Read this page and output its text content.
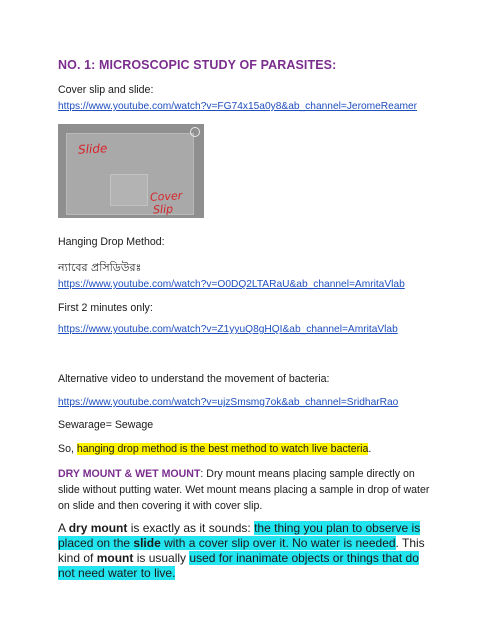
NO. 1: MICROSCOPIC STUDY OF PARASITES:
Cover slip and slide:
https://www.youtube.com/watch?v=FG74x15a0y8&ab_channel=JeromeReamer
Slide
Cover
Slip
Hanging Drop Method:
ন্যাবের প্রসিডিউরঃ
https://www.youtube.com/watch?v=O0DQ2LTARaU&ab_channel=AmritaVlab
First 2 minutes only:
https://www.youtube.com/watch?v=Z1yyuQ8gHQI&ab_channel=AmritaVlab
Alternative video to understand the movement of bacteria:
https://www.youtube.com/watch?v=ujzSmsmg7ok&ab_channel=SridharRao
Sewarage= Sewage
So, hanging drop method is the best method to watch live bacteria.
DRY MOUNT & WET MOUNT: Dry mount means placing sample directly on slide without putting water. Wet mount means placing a sample in drop of water on slide and then covering it with cover slip.
A dry mount is exactly as it sounds: the thing you plan to observe is placed on the slide with a cover slip over it. No water is needed. This kind of mount is usually used for inanimate objects or things that do not need water to live.
